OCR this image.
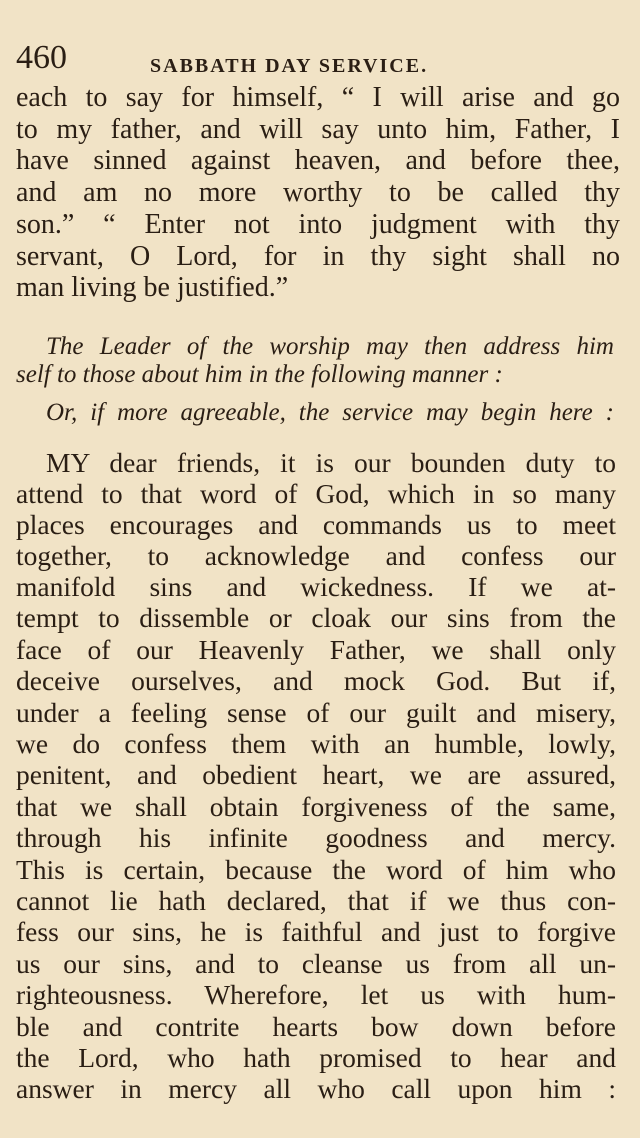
460	SABBATH DAY SERVICE.
each to say for himself, “ I will arise and go
to my father, and will say unto him, Father, I
have sinned against heaven, and before thee,
and am no more worthy to be called thy
son.” “ Enter not into judgment with thy
servant, O Lord, for in thy sight shall no
man living be justified.”
The Leader of the worship may then address him
self to those about him in the following manner :
Or, if more agreeable, the service may begin here :
MY dear friends, it is our bounden duty to
attend to that word of God, which in so many
places encourages and commands us to meet
together, to acknowledge and confess our
manifold sins and wickedness. If we at-
tempt to dissemble or cloak our sins from the
face of our Heavenly Father, we shall only
deceive ourselves, and mock God. But if,
under a feeling sense of our guilt and misery,
we do confess them with an humble, lowly,
penitent, and obedient heart, we are assured,
that we shall obtain forgiveness of the same,
through his infinite goodness and mercy.
This is certain, because the word of him who
cannot lie hath declared, that if we thus con-
fess our sins, he is faithful and just to forgive
us our sins, and to cleanse us from all un-
righteousness. Wherefore, let us with hum-
ble and contrite hearts bow down before
the Lord, who hath promised to hear and
answer in mercy all who call upon him :
